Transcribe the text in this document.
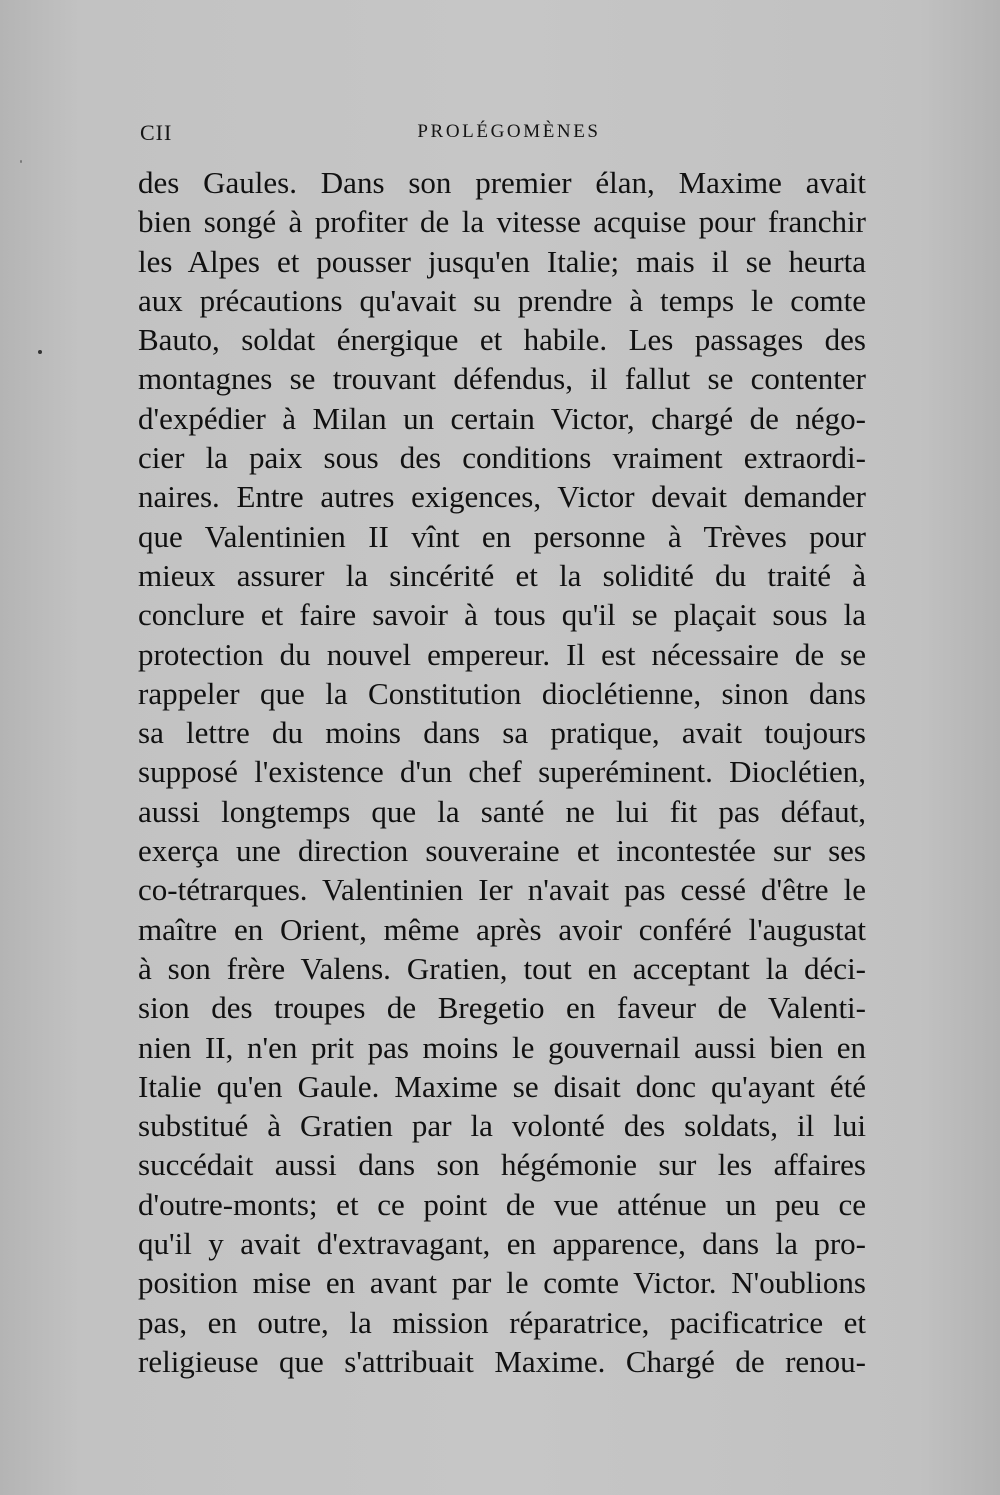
CII	PROLÉGOMÈNES
des Gaules. Dans son premier élan, Maxime avait
bien songé à profiter de la vitesse acquise pour franchir
les Alpes et pousser jusqu'en Italie; mais il se heurta
aux précautions qu'avait su prendre à temps le comte
Bauto, soldat énergique et habile. Les passages des
montagnes se trouvant défendus, il fallut se contenter
d'expédier à Milan un certain Victor, chargé de négo-
cier la paix sous des conditions vraiment extraordi-
naires. Entre autres exigences, Victor devait demander
que Valentinien II vînt en personne à Trèves pour
mieux assurer la sincérité et la solidité du traité à
conclure et faire savoir à tous qu'il se plaçait sous la
protection du nouvel empereur. Il est nécessaire de se
rappeler que la Constitution dioclétienne, sinon dans
sa lettre du moins dans sa pratique, avait toujours
supposé l'existence d'un chef superéminent. Dioclétien,
aussi longtemps que la santé ne lui fit pas défaut,
exerça une direction souveraine et incontestée sur ses
co-tétrarques. Valentinien Ier n'avait pas cessé d'être le
maître en Orient, même après avoir conféré l'augustat
à son frère Valens. Gratien, tout en acceptant la déci-
sion des troupes de Bregetio en faveur de Valenti-
nien II, n'en prit pas moins le gouvernail aussi bien en
Italie qu'en Gaule. Maxime se disait donc qu'ayant été
substitué à Gratien par la volonté des soldats, il lui
succédait aussi dans son hégémonie sur les affaires
d'outre-monts; et ce point de vue atténue un peu ce
qu'il y avait d'extravagant, en apparence, dans la pro-
position mise en avant par le comte Victor. N'oublions
pas, en outre, la mission réparatrice, pacificatrice et
religieuse que s'attribuait Maxime. Chargé de renou-
